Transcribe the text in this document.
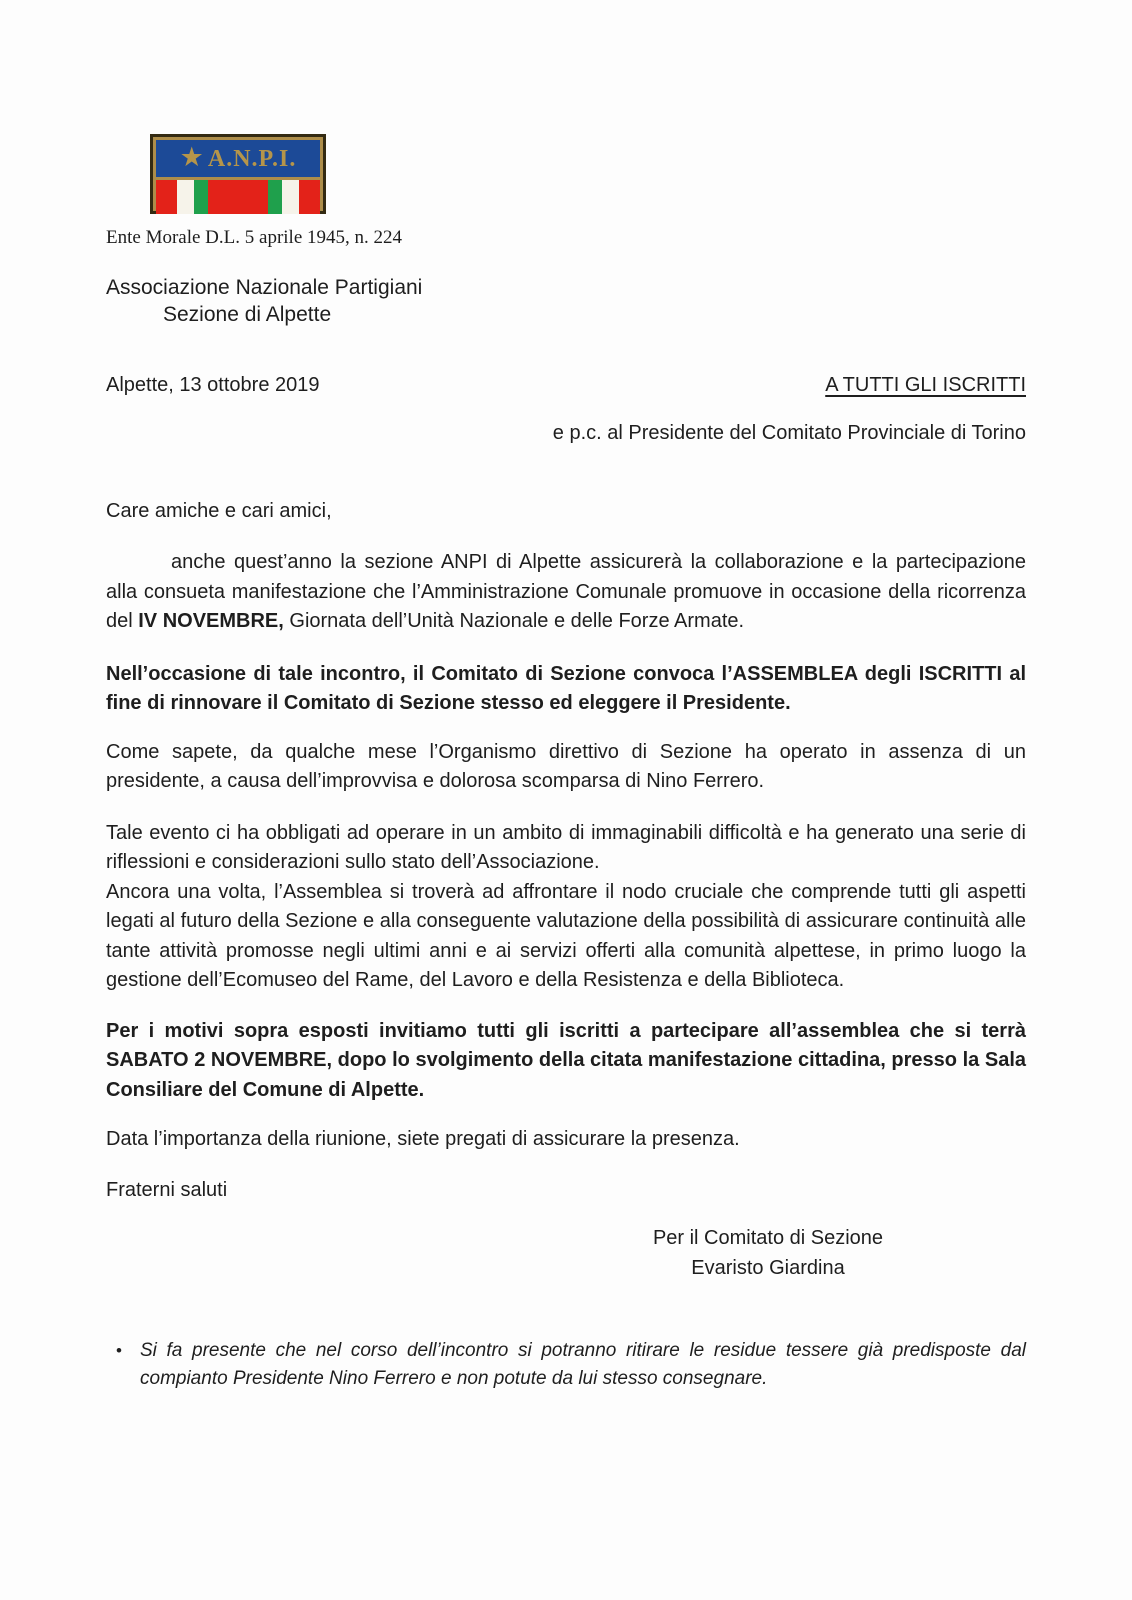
★ A.N.P.I.
Ente Morale D.L. 5 aprile 1945, n. 224
Associazione Nazionale Partigiani
Sezione di Alpette
Alpette, 13 ottobre 2019	A TUTTI GLI ISCRITTI
e p.c. al Presidente del Comitato Provinciale di Torino
Care amiche e cari amici,
anche quest’anno la sezione ANPI di Alpette assicurerà la collaborazione e la partecipazione alla consueta manifestazione che l’Amministrazione Comunale promuove in occasione della ricorrenza del IV NOVEMBRE, Giornata dell’Unità Nazionale e delle Forze Armate.
Nell’occasione di tale incontro, il Comitato di Sezione convoca l’ASSEMBLEA degli ISCRITTI al fine di rinnovare il Comitato di Sezione stesso ed eleggere il Presidente.
Come sapete, da qualche mese l’Organismo direttivo di Sezione ha operato in assenza di un presidente, a causa dell’improvvisa e dolorosa scomparsa di Nino Ferrero.
Tale evento ci ha obbligati ad operare in un ambito di immaginabili difficoltà e ha generato una serie di riflessioni e considerazioni sullo stato dell’Associazione.
Ancora una volta, l’Assemblea si troverà ad affrontare il nodo cruciale che comprende tutti gli aspetti legati al futuro della Sezione e alla conseguente valutazione della possibilità di assicurare continuità alle tante attività promosse negli ultimi anni e ai servizi offerti alla comunità alpettese, in primo luogo la gestione dell’Ecomuseo del Rame, del Lavoro e della Resistenza e della Biblioteca.
Per i motivi sopra esposti invitiamo tutti gli iscritti a partecipare all’assemblea che si terrà SABATO 2 NOVEMBRE, dopo lo svolgimento della citata manifestazione cittadina, presso la Sala Consiliare del Comune di Alpette.
Data l’importanza della riunione, siete pregati di assicurare la presenza.
Fraterni saluti
Per il Comitato di Sezione
Evaristo Giardina
• Si fa presente che nel corso dell’incontro si potranno ritirare le residue tessere già predisposte dal compianto Presidente Nino Ferrero e non potute da lui stesso consegnare.
